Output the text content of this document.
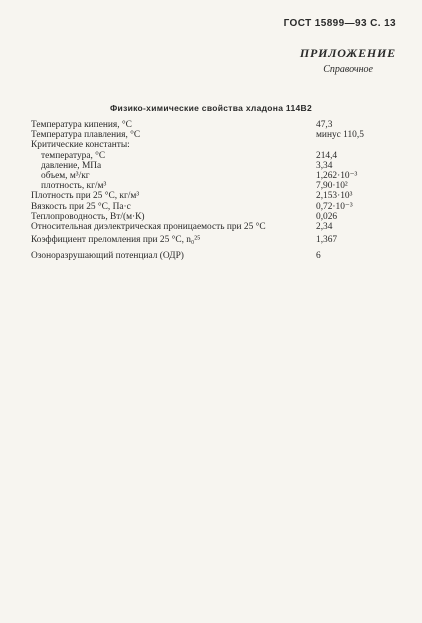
ГОСТ 15899—93 С. 13
ПРИЛОЖЕНИЕ
Справочное
Физико-химические свойства хладона 114В2
Температура кипения, °С	47,3
Температура плавления, °С	минус 110,5
Критические константы:
температура, °С	214,4
давление, МПа	3,34
объем, м³/кг	1,262·10⁻³
плотность, кг/м³	7,90·10²
Плотность при 25 °С, кг/м³	2,153·10³
Вязкость при 25 °С, Па·с	0,72·10⁻³
Теплопроводность, Вт/(м·К)	0,026
Относительная диэлектрическая проницаемость при 25 °С	2,34
Коэффициент преломления при 25 °С, n₀²⁵	1,367
Озоноразрушающий потенциал (ОДР)	6
